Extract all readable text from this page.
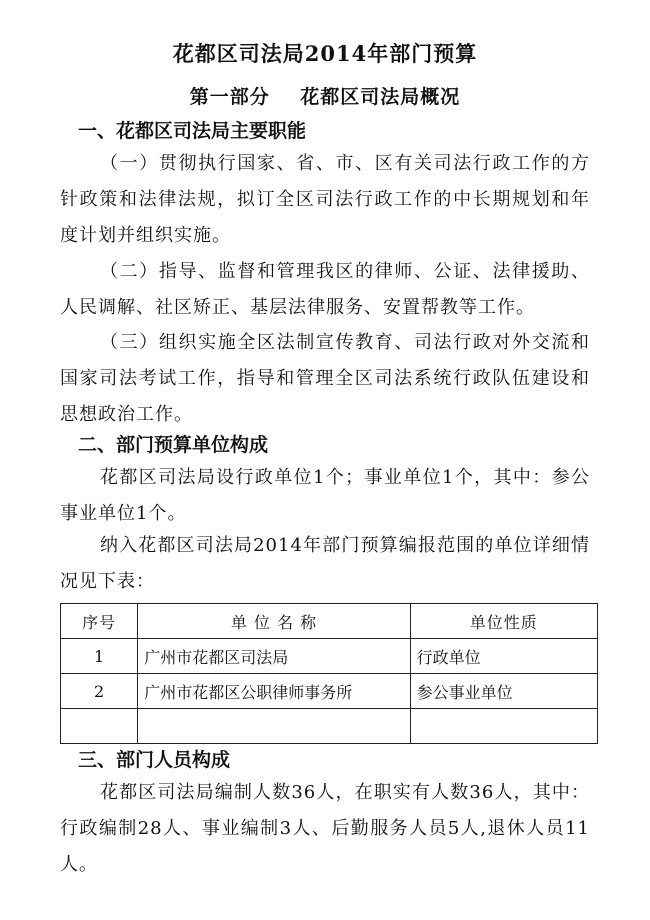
花都区司法局2014年部门预算
第一部分    花都区司法局概况
一、花都区司法局主要职能
（一）贯彻执行国家、省、市、区有关司法行政工作的方针政策和法律法规，拟订全区司法行政工作的中长期规划和年度计划并组织实施。
（二）指导、监督和管理我区的律师、公证、法律援助、人民调解、社区矫正、基层法律服务、安置帮教等工作。
（三）组织实施全区法制宣传教育、司法行政对外交流和国家司法考试工作，指导和管理全区司法系统行政队伍建设和思想政治工作。
二、部门预算单位构成
花都区司法局设行政单位1个；事业单位1个，其中：参公事业单位1个。
纳入花都区司法局2014年部门预算编报范围的单位详细情况见下表：
序号	单 位 名 称	单位性质
1	广州市花都区司法局	行政单位
2	广州市花都区公职律师事务所	参公事业单位

三、部门人员构成
花都区司法局编制人数36人，在职实有人数36人，其中：行政编制28人、事业编制3人、后勤服务人员5人,退休人员11人。
